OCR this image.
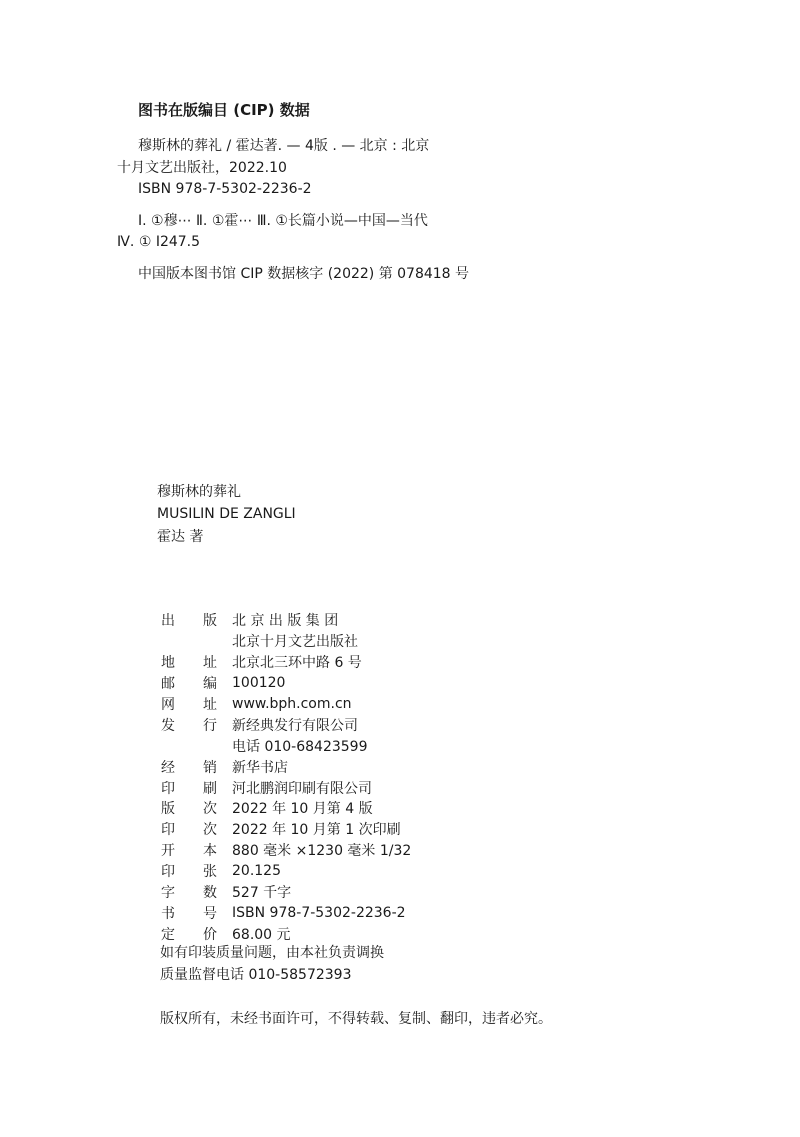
图书在版编目 (CIP) 数据
穆斯林的葬礼 / 霍达著. — 4版 . — 北京 : 北京
十月文艺出版社，2022.10
ISBN 978-7-5302-2236-2
Ⅰ. ①穆⋯ Ⅱ. ①霍⋯ Ⅲ. ①长篇小说—中国—当代
Ⅳ. ① I247.5
中国版本图书馆 CIP 数据核字 (2022) 第 078418 号
穆斯林的葬礼
MUSILIN DE ZANGLI
霍达 著
出 版 北 京 出 版 集 团
北京十月文艺出版社
地 址 北京北三环中路 6 号
邮 编 100120
网 址 www.bph.com.cn
发 行 新经典发行有限公司
电话 010-68423599
经 销 新华书店
印 刷 河北鹏润印刷有限公司
版 次 2022 年 10 月第 4 版
印 次 2022 年 10 月第 1 次印刷
开 本 880 毫米 ×1230 毫米 1/32
印 张 20.125
字 数 527 千字
书 号 ISBN 978-7-5302-2236-2
定 价 68.00 元
如有印装质量问题，由本社负责调换
质量监督电话 010-58572393
版权所有，未经书面许可，不得转载、复制、翻印，违者必究。
